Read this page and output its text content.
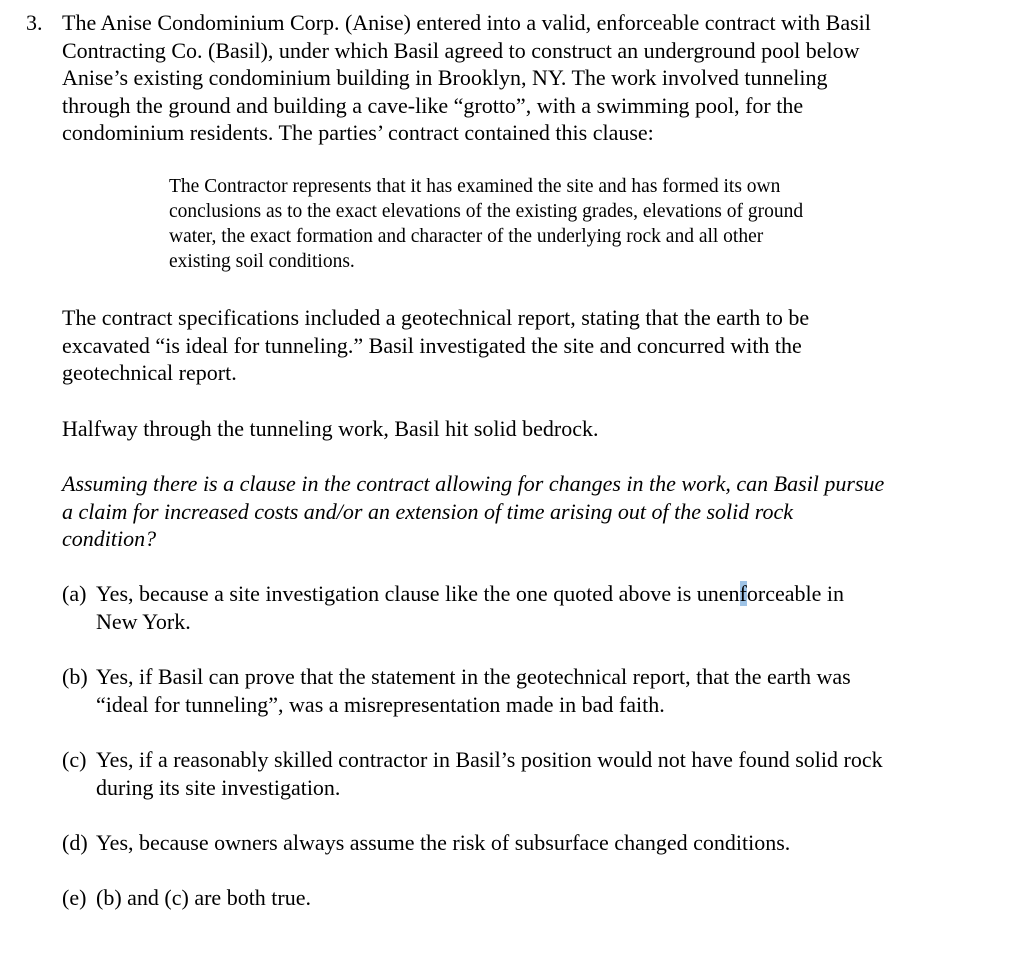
3. The Anise Condominium Corp. (Anise) entered into a valid, enforceable contract with Basil
Contracting Co. (Basil), under which Basil agreed to construct an underground pool below
Anise’s existing condominium building in Brooklyn, NY. The work involved tunneling
through the ground and building a cave-like “grotto”, with a swimming pool, for the
condominium residents. The parties’ contract contained this clause:
The Contractor represents that it has examined the site and has formed its own
conclusions as to the exact elevations of the existing grades, elevations of ground
water, the exact formation and character of the underlying rock and all other
existing soil conditions.
The contract specifications included a geotechnical report, stating that the earth to be
excavated “is ideal for tunneling.” Basil investigated the site and concurred with the
geotechnical report.
Halfway through the tunneling work, Basil hit solid bedrock.
Assuming there is a clause in the contract allowing for changes in the work, can Basil pursue
a claim for increased costs and/or an extension of time arising out of the solid rock
condition?
(a) Yes, because a site investigation clause like the one quoted above is unenforceable in
New York.
(b) Yes, if Basil can prove that the statement in the geotechnical report, that the earth was
“ideal for tunneling”, was a misrepresentation made in bad faith.
(c) Yes, if a reasonably skilled contractor in Basil’s position would not have found solid rock
during its site investigation.
(d) Yes, because owners always assume the risk of subsurface changed conditions.
(e) (b) and (c) are both true.
